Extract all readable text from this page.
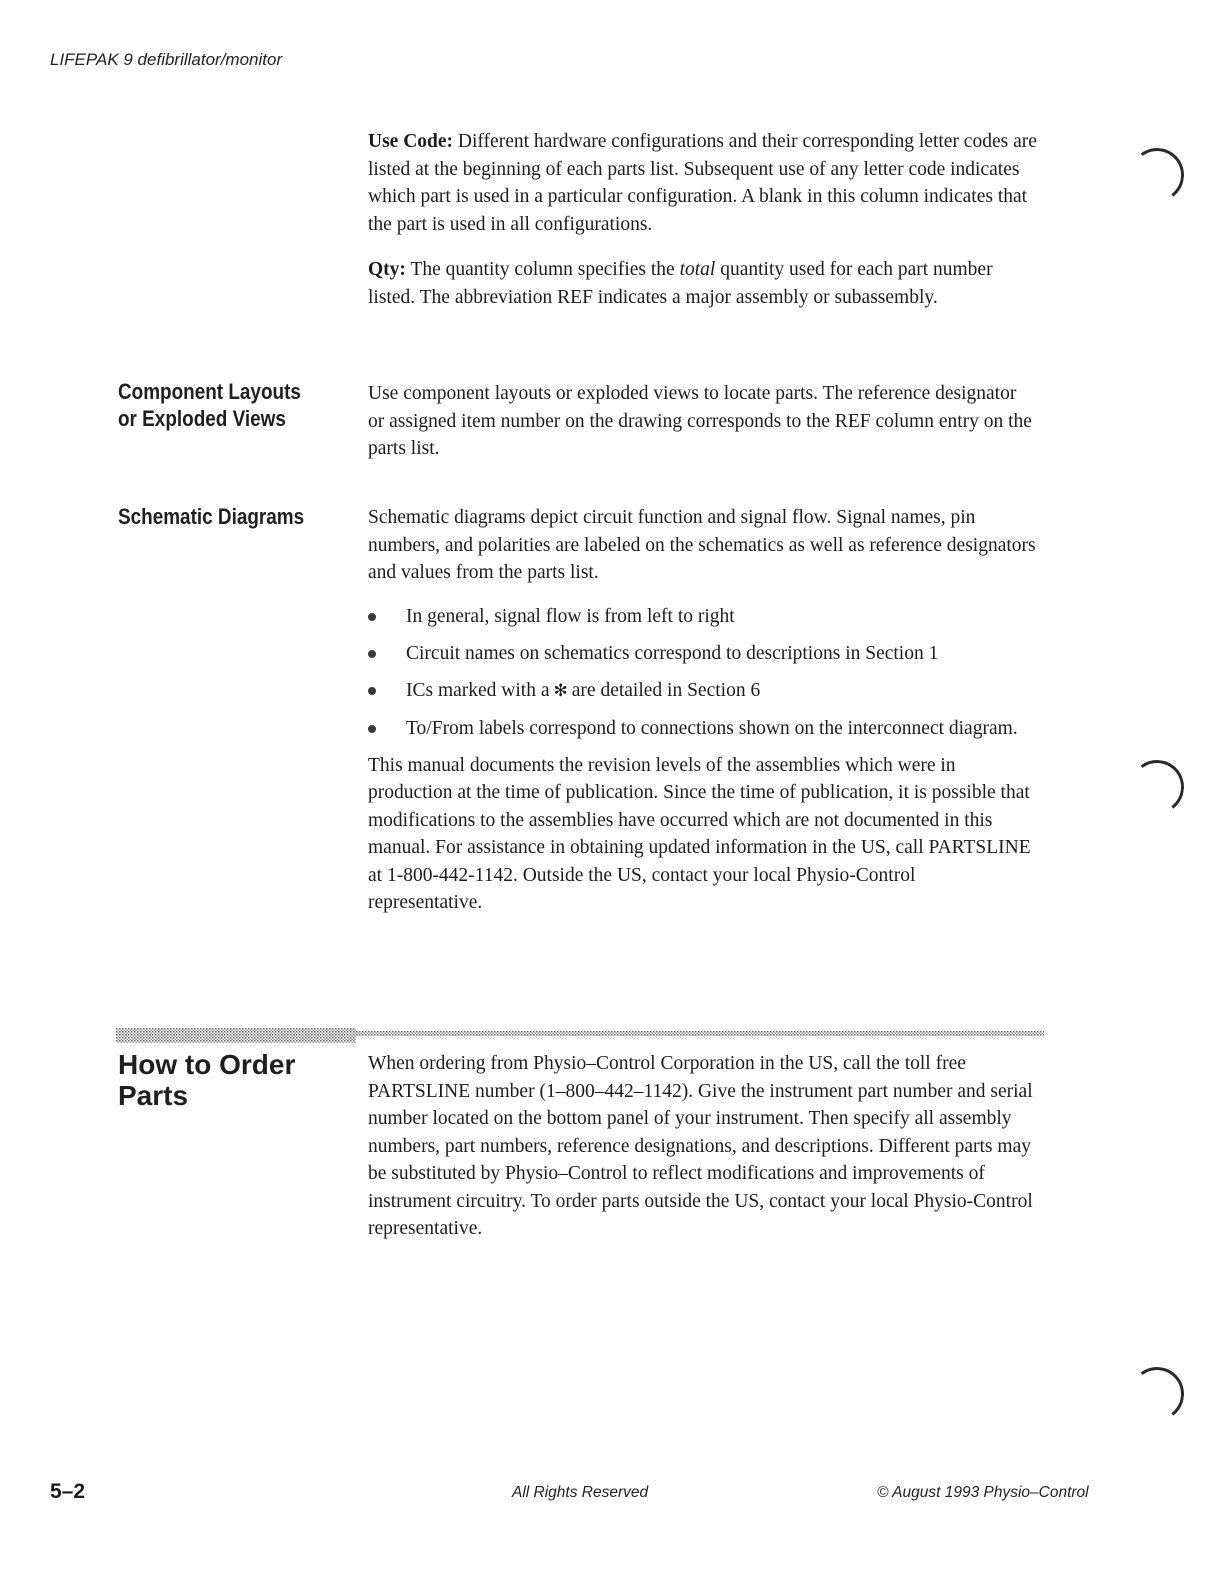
LIFEPAK 9 defibrillator/monitor

Use Code: Different hardware configurations and their corresponding letter codes are listed at the beginning of each parts list. Subsequent use of any letter code indicates which part is used in a particular configuration. A blank in this column indicates that the part is used in all configurations.

Qty: The quantity column specifies the total quantity used for each part number listed. The abbreviation REF indicates a major assembly or subassembly.

Component Layouts
or Exploded Views

Use component layouts or exploded views to locate parts. The reference designator or assigned item number on the drawing corresponds to the REF column entry on the parts list.

Schematic Diagrams	Schematic diagrams depict circuit function and signal flow. Signal names, pin numbers, and polarities are labeled on the schematics as well as reference designators and values from the parts list.

In general, signal flow is from left to right
Circuit names on schematics correspond to descriptions in Section 1
ICs marked with a ✻ are detailed in Section 6
To/From labels correspond to connections shown on the interconnect diagram.

This manual documents the revision levels of the assemblies which were in production at the time of publication. Since the time of publication, it is possible that modifications to the assemblies have occurred which are not documented in this manual. For assistance in obtaining updated information in the US, call PARTSLINE at 1-800-442-1142. Outside the US, contact your local Physio-Control representative.

How to Order
Parts

When ordering from Physio–Control Corporation in the US, call the toll free PARTSLINE number (1–800–442–1142). Give the instrument part number and serial number located on the bottom panel of your instrument. Then specify all assembly numbers, part numbers, reference designations, and descriptions. Different parts may be substituted by Physio–Control to reflect modifications and improvements of instrument circuitry. To order parts outside the US, contact your local Physio-Control representative.

5–2	All Rights Reserved	© August 1993 Physio–Control
